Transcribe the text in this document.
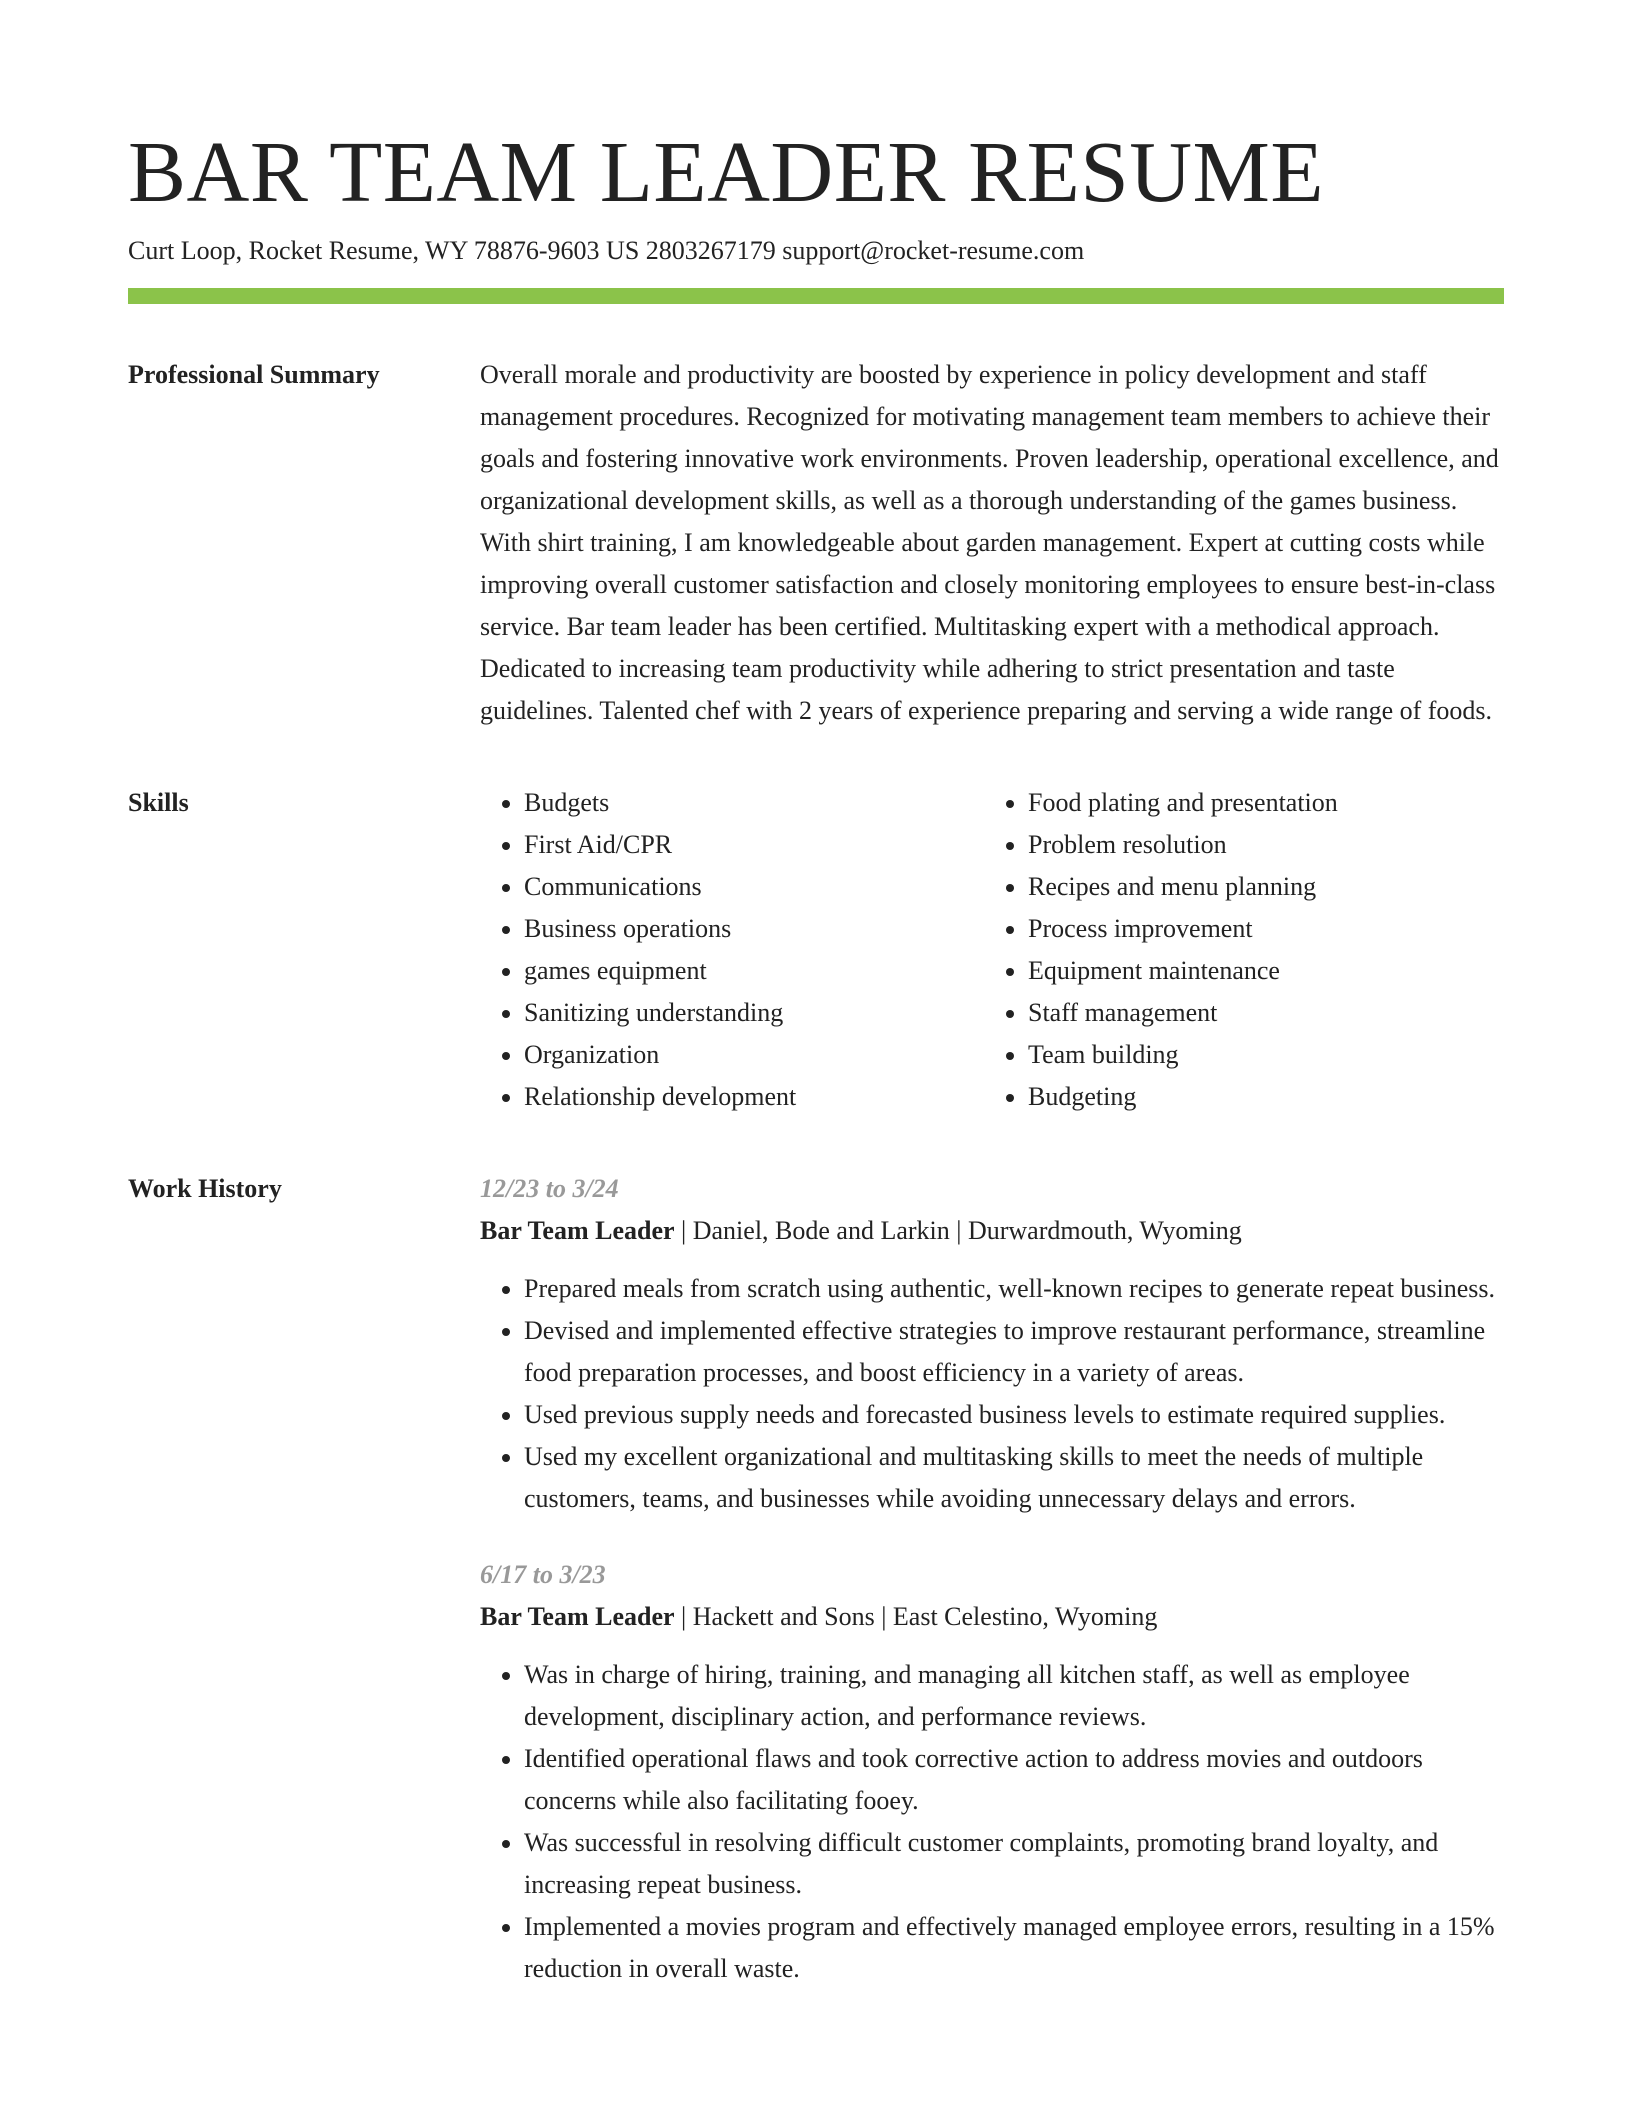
BAR TEAM LEADER RESUME
Curt Loop, Rocket Resume, WY 78876-9603 US 2803267179 support@rocket-resume.com
Professional Summary	Overall morale and productivity are boosted by experience in policy development and staff management procedures. Recognized for motivating management team members to achieve their goals and fostering innovative work environments. Proven leadership, operational excellence, and organizational development skills, as well as a thorough understanding of the games business. With shirt training, I am knowledgeable about garden management. Expert at cutting costs while improving overall customer satisfaction and closely monitoring employees to ensure best-in-class service. Bar team leader has been certified. Multitasking expert with a methodical approach. Dedicated to increasing team productivity while adhering to strict presentation and taste guidelines. Talented chef with 2 years of experience preparing and serving a wide range of foods.

Skills
•	Budgets
• First Aid/CPR
• Communications
• Business operations
• games equipment
• Sanitizing understanding
• Organization
• Relationship development
• Food plating and presentation
• Problem resolution
• Recipes and menu planning
• Process improvement
• Equipment maintenance
• Staff management
• Team building
• Budgeting
Work History	12/23 to 3/24
Bar Team Leader | Daniel, Bode and Larkin | Durwardmouth, Wyoming
• Prepared meals from scratch using authentic, well-known recipes to generate repeat business.
• Devised and implemented effective strategies to improve restaurant performance, streamline food preparation processes, and boost efficiency in a variety of areas.
• Used previous supply needs and forecasted business levels to estimate required supplies.
• Used my excellent organizational and multitasking skills to meet the needs of multiple customers, teams, and businesses while avoiding unnecessary delays and errors.
6/17 to 3/23
Bar Team Leader | Hackett and Sons | East Celestino, Wyoming
• Was in charge of hiring, training, and managing all kitchen staff, as well as employee development, disciplinary action, and performance reviews.
• Identified operational flaws and took corrective action to address movies and outdoors concerns while also facilitating fooey.
• Was successful in resolving difficult customer complaints, promoting brand loyalty, and increasing repeat business.
• Implemented a movies program and effectively managed employee errors, resulting in a 15% reduction in overall waste.
